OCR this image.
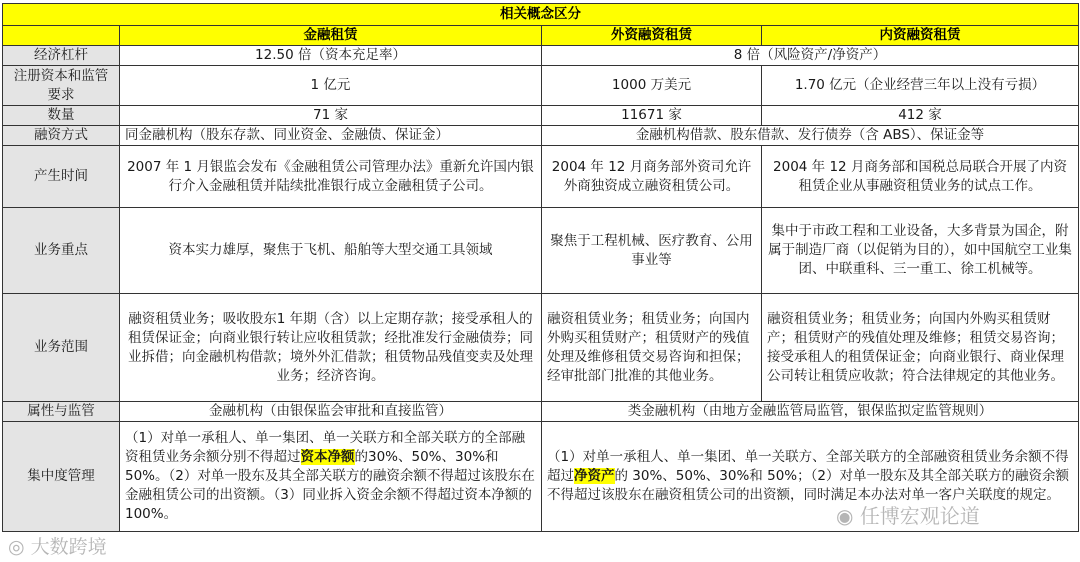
相关概念区分			
	金融租赁	外资融资租赁	内资融资租赁
经济杠杆	12.50 倍（资本充足率）	8 倍（风险资产/净资产）	
注册资本和监管要求	1 亿元	1000 万美元	1.70 亿元（企业经营三年以上没有亏损）
数量	71 家	11671 家	412 家
融资方式	同金融机构（股东存款、同业资金、金融债、保证金）	金融机构借款、股东借款、发行债券（含 ABS）、保证金等	
产生时间	2007 年 1 月银监会发布《金融租赁公司管理办法》重新允许国内银行介入金融租赁并陆续批准银行成立金融租赁子公司。	2004 年 12 月商务部外资司允许外商独资成立融资租赁公司。	2004 年 12 月商务部和国税总局联合开展了内资租赁企业从事融资租赁业务的试点工作。
业务重点	资本实力雄厚，聚焦于飞机、船舶等大型交通工具领域	聚焦于工程机械、医疗教育、公用事业等	集中于市政工程和工业设备，大多背景为国企，附属于制造厂商（以促销为目的），如中国航空工业集团、中联重科、三一重工、徐工机械等。
业务范围	融资租赁业务；吸收股东1 年期（含）以上定期存款；接受承租人的租赁保证金；向商业银行转让应收租赁款；经批准发行金融债券；同业拆借；向金融机构借款；境外外汇借款；租赁物品残值变卖及处理业务；经济咨询。	融资租赁业务；租赁业务；向国内外购买租赁财产；租赁财产的残值处理及维修租赁交易咨询和担保；经审批部门批准的其他业务。	融资租赁业务；租赁业务；向国内外购买租赁财产；租赁财产的残值处理及维修；租赁交易咨询；接受承租人的租赁保证金；向商业银行、商业保理公司转让租赁应收款；符合法律规定的其他业务。
属性与监管	金融机构（由银保监会审批和直接监管）	类金融机构（由地方金融监管局监管，银保监拟定监管规则）	
集中度管理	（1）对单一承租人、单一集团、单一关联方和全部关联方的全部融资租赁业务余额分别不得超过资本净额的30%、50%、30%和50%。（2）对单一股东及其全部关联方的融资余额不得超过该股东在金融租赁公司的出资额。（3）同业拆入资金余额不得超过资本净额的 100%。	（1）对单一承租人、单一集团、单一关联方、全部关联方的全部融资租赁业务余额不得超过净资产的 30%、50%、30%和 50%；（2）对单一股东及其全部关联方的融资余额不得超过该股东在融资租赁公司的出资额，同时满足本办法对单一客户关联度的规定。	
◎ 大数跨境
◉ 任博宏观论道
